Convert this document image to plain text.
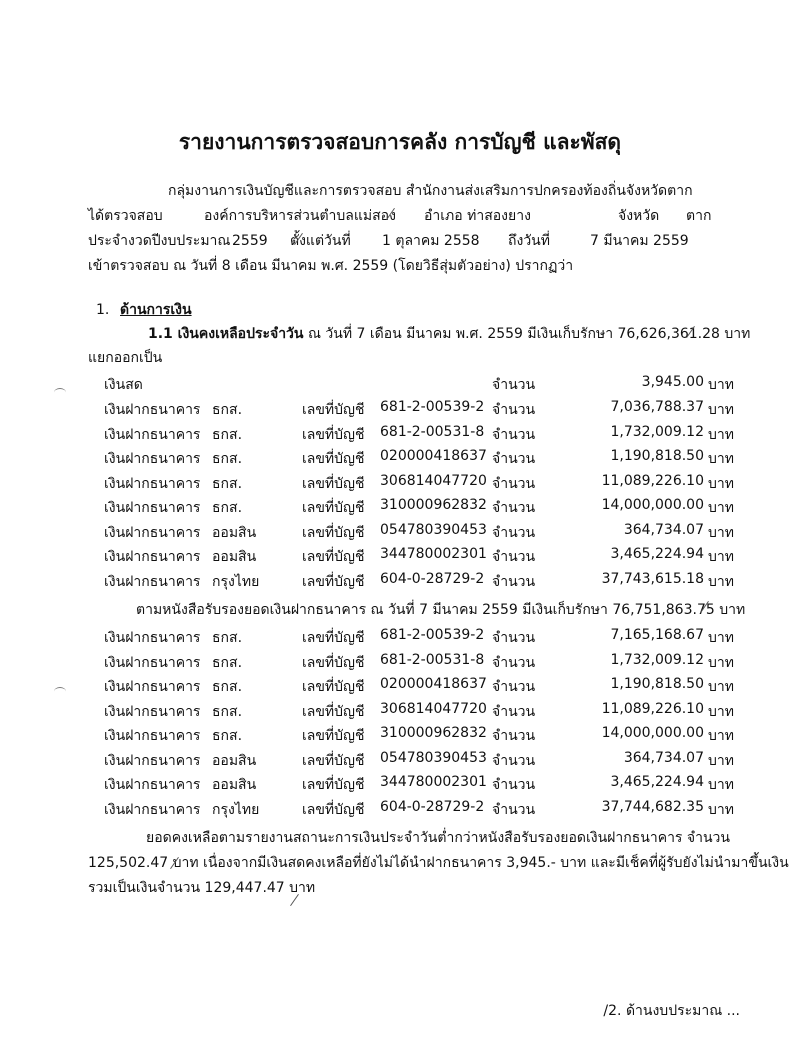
รายงานการตรวจสอบการคลัง การบัญชี และพัสดุ
กลุ่มงานการเงินบัญชีและการตรวจสอบ สำนักงานส่งเสริมการปกครองท้องถิ่นจังหวัดตาก
ได้ตรวจสอบ	องค์การบริหารส่วนตำบลแม่สอง อำเภอ ท่าสองยาง	จังหวัด ตาก
ประจำงวดปีงบประมาณ 2559 ตั้งแต่วันที่ 1 ตุลาคม 2558 ถึงวันที่	7 มีนาคม 2559
เข้าตรวจสอบ ณ วันที่ 8 เดือน มีนาคม พ.ศ. 2559 (โดยวิธีสุ่มตัวอย่าง) ปรากฏว่า
1. ด้านการเงิน
1.1 เงินคงเหลือประจำวัน ณ วันที่ 7 เดือน มีนาคม พ.ศ. 2559 มีเงินเก็บรักษา 76,626,361.28 บาท
แยกออกเป็น
เงินสด	จำนวน	3,945.00 บาท
เงินฝากธนาคาร ธกส.	เลขที่บัญชี 681-2-00539-2 จำนวน	7,036,788.37 บาท
เงินฝากธนาคาร ธกส.	เลขที่บัญชี 681-2-00531-8 จำนวน	1,732,009.12 บาท
เงินฝากธนาคาร ธกส.	เลขที่บัญชี 020000418637 จำนวน	1,190,818.50 บาท
เงินฝากธนาคาร ธกส.	เลขที่บัญชี 306814047720 จำนวน	11,089,226.10 บาท
เงินฝากธนาคาร ธกส.	เลขที่บัญชี 310000962832 จำนวน	14,000,000.00 บาท
เงินฝากธนาคาร ออมสิน	เลขที่บัญชี 054780390453 จำนวน	364,734.07 บาท
เงินฝากธนาคาร ออมสิน	เลขที่บัญชี 344780002301 จำนวน	3,465,224.94 บาท
เงินฝากธนาคาร กรุงไทย	เลขที่บัญชี 604-0-28729-2 จำนวน	37,743,615.18 บาท
ตามหนังสือรับรองยอดเงินฝากธนาคาร ณ วันที่ 7 มีนาคม 2559 มีเงินเก็บรักษา 76,751,863.75 บาท
เงินฝากธนาคาร ธกส.	เลขที่บัญชี 681-2-00539-2 จำนวน	7,165,168.67 บาท
เงินฝากธนาคาร ธกส.	เลขที่บัญชี 681-2-00531-8 จำนวน	1,732,009.12 บาท
เงินฝากธนาคาร ธกส.	เลขที่บัญชี 020000418637 จำนวน	1,190,818.50 บาท
เงินฝากธนาคาร ธกส.	เลขที่บัญชี 306814047720 จำนวน	11,089,226.10 บาท
เงินฝากธนาคาร ธกส.	เลขที่บัญชี 310000962832 จำนวน	14,000,000.00 บาท
เงินฝากธนาคาร ออมสิน	เลขที่บัญชี 054780390453 จำนวน	364,734.07 บาท
เงินฝากธนาคาร ออมสิน	เลขที่บัญชี 344780002301 จำนวน	3,465,224.94 บาท
เงินฝากธนาคาร กรุงไทย	เลขที่บัญชี 604-0-28729-2 จำนวน	37,744,682.35 บาท
ยอดคงเหลือตามรายงานสถานะการเงินประจำวันต่ำกว่าหนังสือรับรองยอดเงินฝากธนาคาร จำนวน
125,502.47 บาท เนื่องจากมีเงินสดคงเหลือที่ยังไม่ได้นำฝากธนาคาร 3,945.- บาท และมีเช็คที่ผู้รับยังไม่นำมาขึ้นเงิน
รวมเป็นเงินจำนวน 129,447.47 บาท
/2. ด้านงบประมาณ ...
